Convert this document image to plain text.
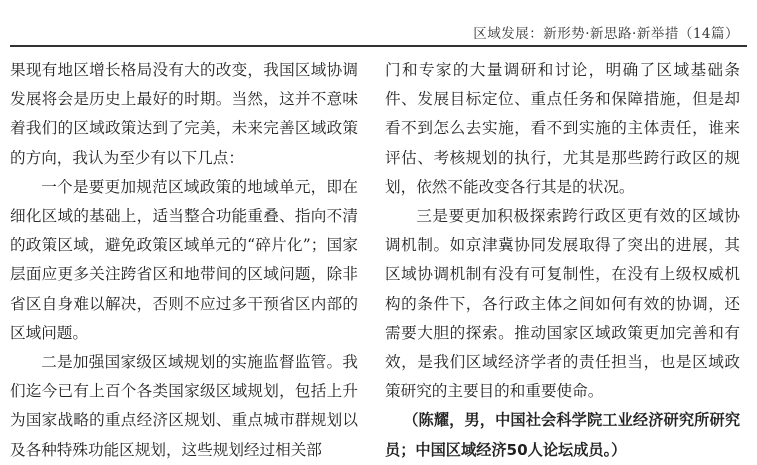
区域发展：新形势·新思路·新举措（14篇）

果现有地区增长格局没有大的改变，我国区域协调发展将会是历史上最好的时期。当然，这并不意味着我们的区域政策达到了完美，未来完善区域政策的方向，我认为至少有以下几点：

一个是要更加规范区域政策的地域单元，即在细化区域的基础上，适当整合功能重叠、指向不清的政策区域，避免政策区域单元的“碎片化”；国家层面应更多关注跨省区和地带间的区域问题，除非省区自身难以解决，否则不应过多干预省区内部的区域问题。

二是加强国家级区域规划的实施监督监管。我们迄今已有上百个各类国家级区域规划，包括上升为国家战略的重点经济区规划、重点城市群规划以及各种特殊功能区规划，这些规划经过相关部

门和专家的大量调研和讨论，明确了区域基础条件、发展目标定位、重点任务和保障措施，但是却看不到怎么去实施，看不到实施的主体责任，谁来评估、考核规划的执行，尤其是那些跨行政区的规划，依然不能改变各行其是的状况。

三是要更加积极探索跨行政区更有效的区域协调机制。如京津冀协同发展取得了突出的进展，其区域协调机制有没有可复制性，在没有上级权威机构的条件下，各行政主体之间如何有效的协调，还需要大胆的探索。推动国家区域政策更加完善和有效，是我们区域经济学者的责任担当，也是区域政策研究的主要目的和重要使命。

（陈耀，男，中国社会科学院工业经济研究所研究员；中国区域经济50人论坛成员。）
